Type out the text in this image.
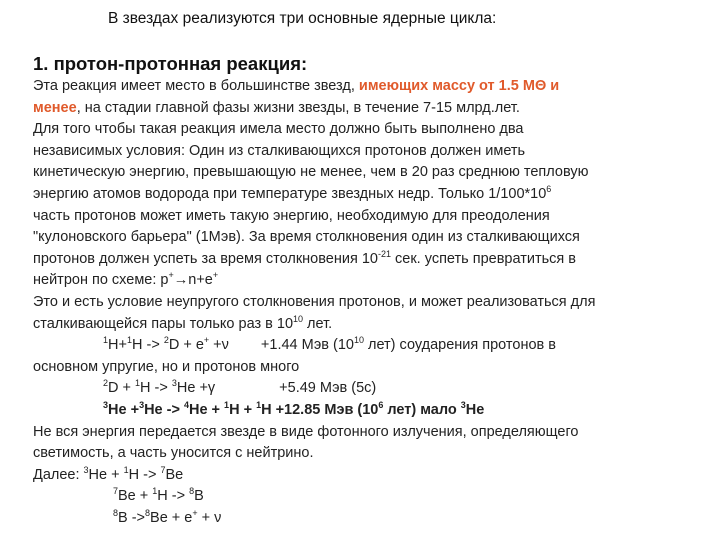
В звездах реализуются три основные ядерные цикла:
1. протон-протонная реакция:
Эта реакция имеет место в большинстве звезд, имеющих массу от 1.5 MΘ и
менее, на стадии главной фазы жизни звезды, в течение 7-15 млрд.лет.
Для того чтобы такая реакция имела место должно быть выполнено два
независимых условия: Один из сталкивающихся протонов должен иметь
кинетическую энергию, превышающую не менее, чем в 20 раз среднюю тепловую
энергию атомов водорода при температуре звездных недр. Только $1/100*10^6$
часть протонов может иметь такую энергию, необходимую для преодоления
"кулоновского барьера" (1Мэв). За время столкновения один из сталкивающихся
протонов должен успеть за время столкновения $10^{-21}$ сек. успеть превратиться в
нейтрон по схеме: p+→n+e+
Это и есть условие неупругого столкновения протонов, и может реализоваться для
сталкивающейся пары только раз в $10^{10}$ лет.
$^1$H+$^1$H -> $^2$D + e+ +ν +1.44 Мэв ($10^{10}$ лет) соударения протонов в
основном упругие, но и протонов много
$^2$D + $^1$H -> $^3$He +γ	+5.49 Мэв (5с)
$^3$He +$^3$He -> $^4$He + $^1$H + $^1$H +12.85 Мэв ($10^6$ лет) мало $^3$He
Не вся энергия передается звезде в виде фотонного излучения, определяющего
светимость, а часть уносится с нейтрино.
Далее: $^3$He + $^1$H -> $^7$Be
$^7$Be + $^1$H -> $^8$B
$^8$B ->$^8$Be + e+ + ν
